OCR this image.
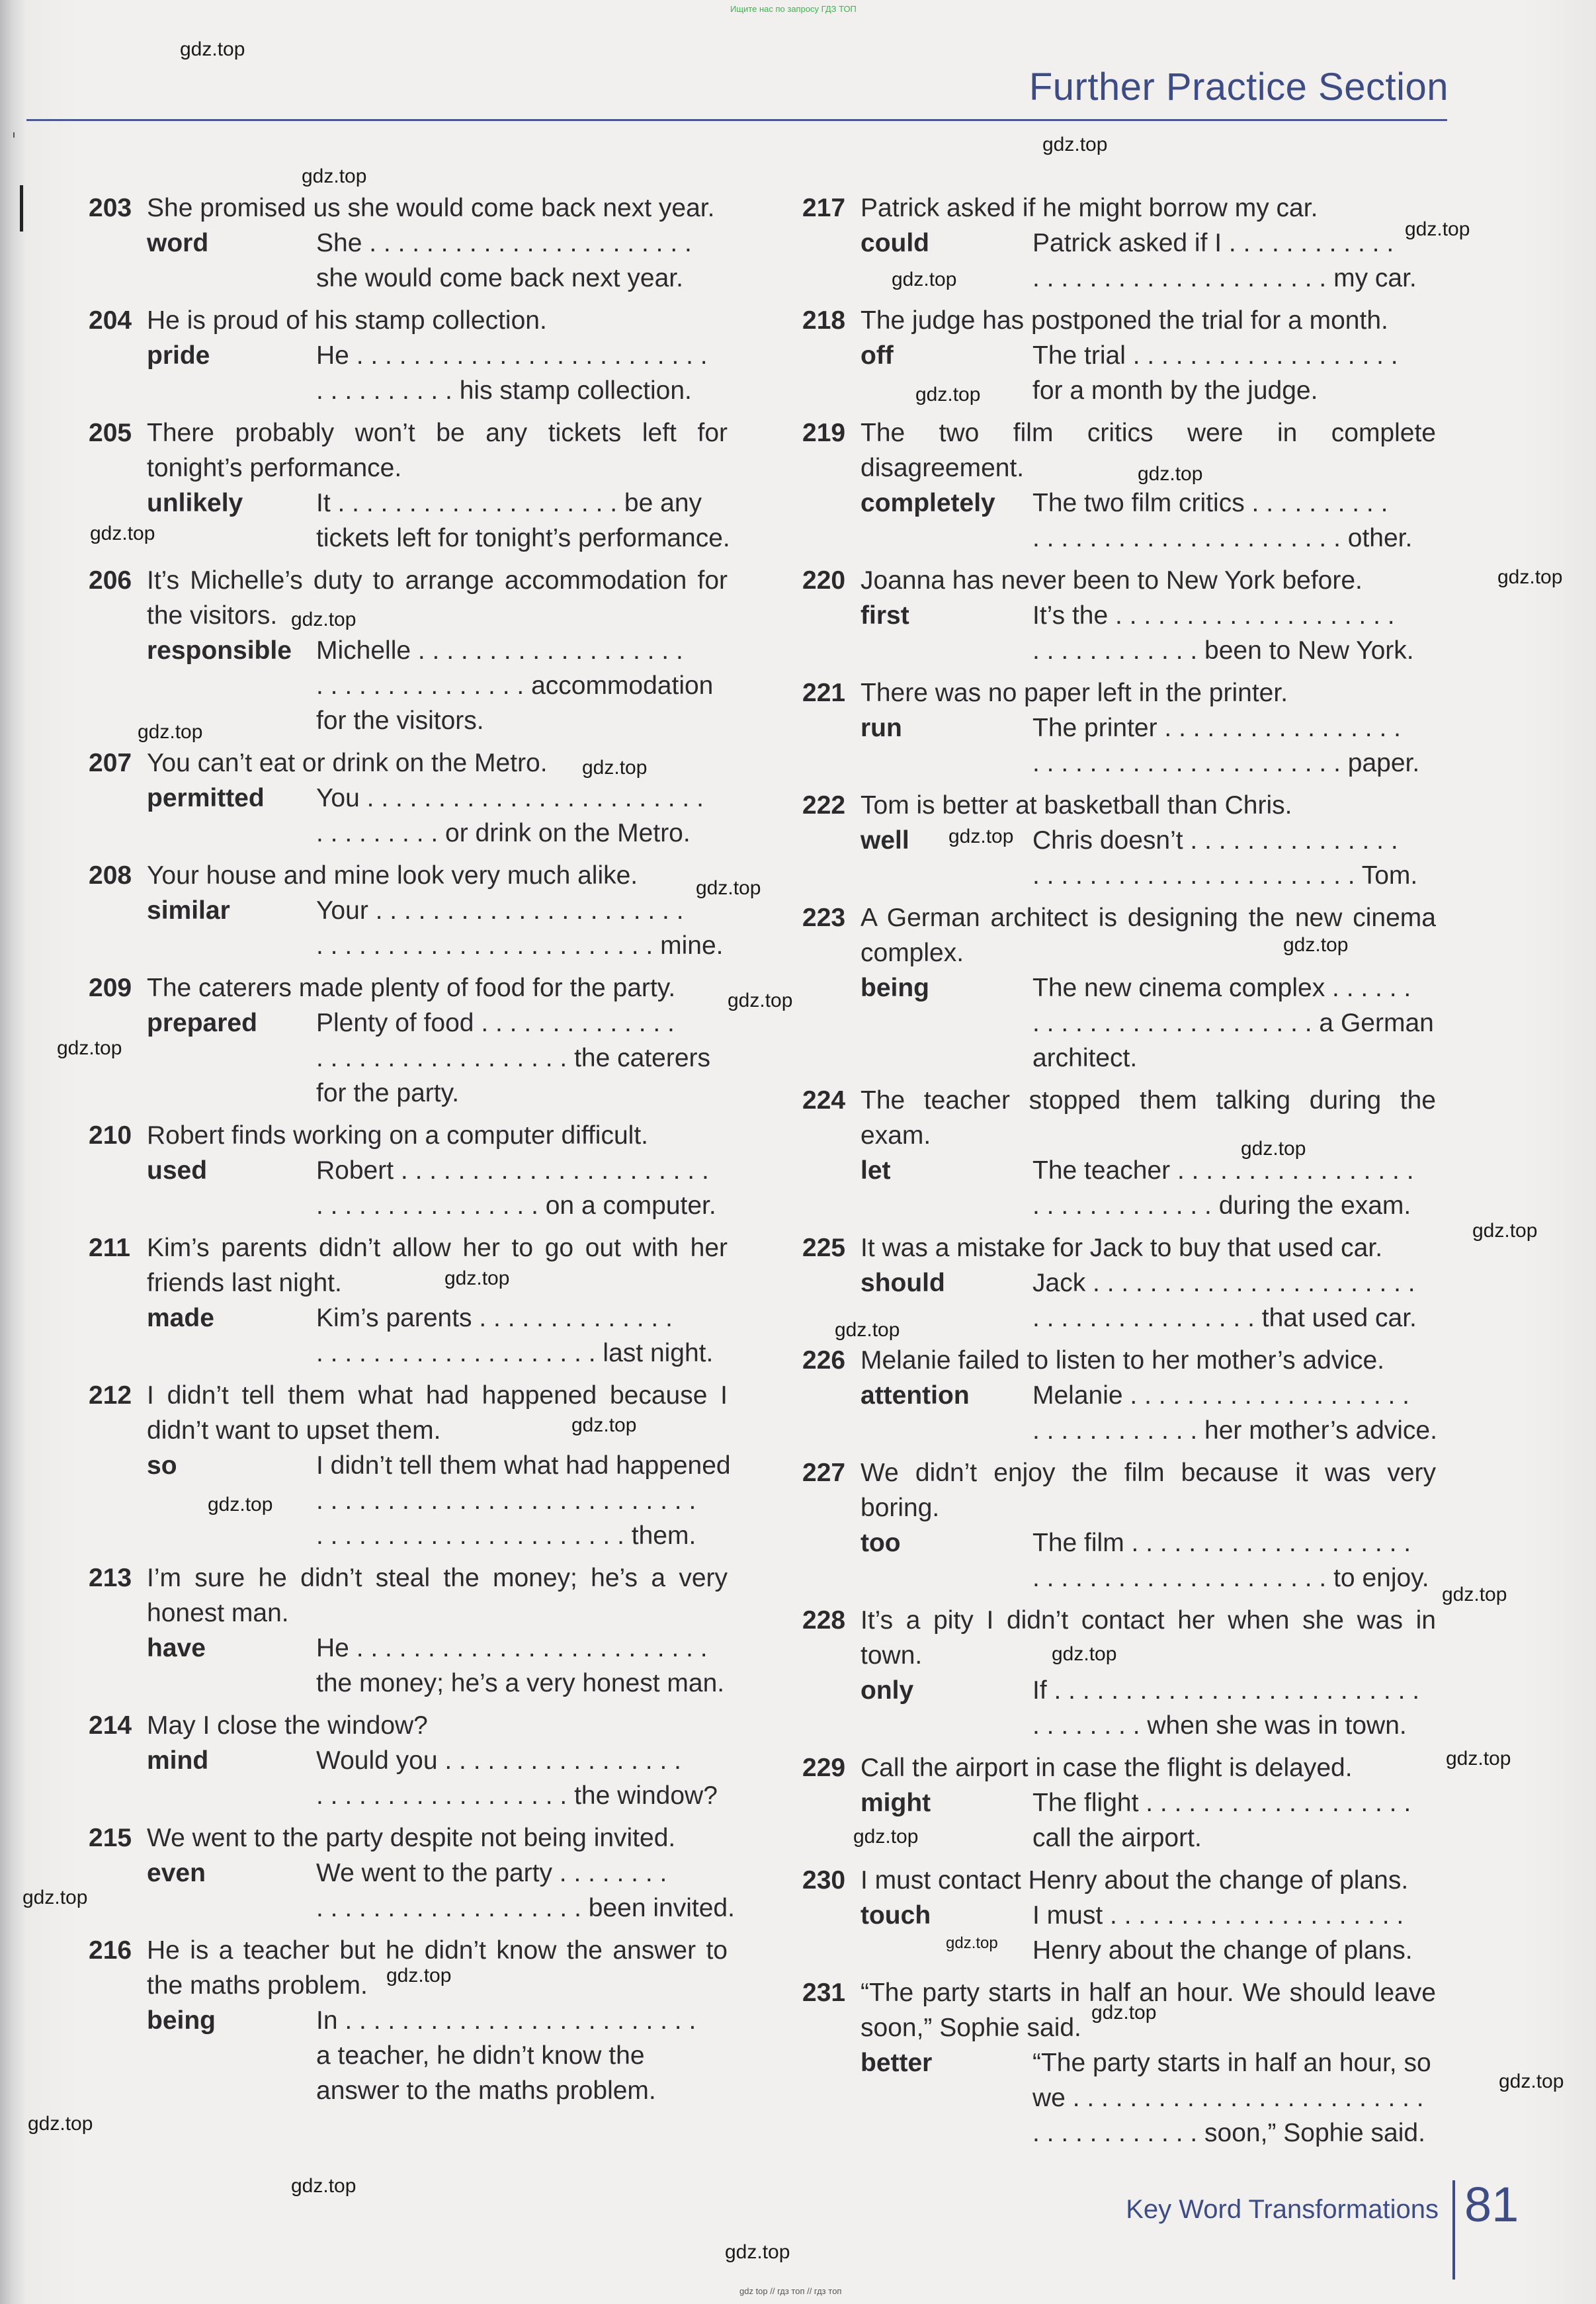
Ищите нас по запросу ГДЗ ТОП
Further Practice Section
203 She promised us she would come back next year.
word	She . . . . . . . . . . . . . . . . . . . . . . .
she would come back next year.
204 He is proud of his stamp collection.
pride	He . . . . . . . . . . . . . . . . . . . . . . . . .
. . . . . . . . . . his stamp collection.
205 There probably won’t be any tickets left for tonight’s performance.
unlikely	It . . . . . . . . . . . . . . . . . . . . be any
tickets left for tonight’s performance.
206 It’s Michelle’s duty to arrange accommodation for the visitors.
responsible Michelle . . . . . . . . . . . . . . . . . . .
. . . . . . . . . . . . . . . accommodation
for the visitors.
207 You can’t eat or drink on the Metro.
permitted	You . . . . . . . . . . . . . . . . . . . . . . . .
. . . . . . . . . or drink on the Metro.
208 Your house and mine look very much alike.
similar	Your . . . . . . . . . . . . . . . . . . . . . .
. . . . . . . . . . . . . . . . . . . . . . . . mine.
209 The caterers made plenty of food for the party.
prepared	Plenty of food . . . . . . . . . . . . . .
. . . . . . . . . . . . . . . . . . the caterers
for the party.
210 Robert finds working on a computer difficult.
used	Robert . . . . . . . . . . . . . . . . . . . . . .
. . . . . . . . . . . . . . . . on a computer.
211 Kim’s parents didn’t allow her to go out with her friends last night.
made	Kim’s parents . . . . . . . . . . . . . .
. . . . . . . . . . . . . . . . . . . . last night.
212 I didn’t tell them what had happened because I didn’t want to upset them.
so	I didn’t tell them what had happened
. . . . . . . . . . . . . . . . . . . . . . . . . . .
. . . . . . . . . . . . . . . . . . . . . . them.
213 I’m sure he didn’t steal the money; he’s a very honest man.
have	He . . . . . . . . . . . . . . . . . . . . . . . . .
the money; he’s a very honest man.
214 May I close the window?
mind	Would you . . . . . . . . . . . . . . . . .
. . . . . . . . . . . . . . . . . . the window?
215 We went to the party despite not being invited.
even	We went to the party . . . . . . . .
. . . . . . . . . . . . . . . . . . . been invited.
216 He is a teacher but he didn’t know the answer to the maths problem.
being	In . . . . . . . . . . . . . . . . . . . . . . . . .
a teacher, he didn’t know the
answer to the maths problem.
217 Patrick asked if he might borrow my car.
could	Patrick asked if I . . . . . . . . . . . .
. . . . . . . . . . . . . . . . . . . . . my car.
218 The judge has postponed the trial for a month.
off	The trial . . . . . . . . . . . . . . . . . . .
for a month by the judge.
219 The two film critics were in complete disagreement.
completely	The two film critics . . . . . . . . . .
. . . . . . . . . . . . . . . . . . . . . . other.
220 Joanna has never been to New York before.
first	It’s the . . . . . . . . . . . . . . . . . . . .
. . . . . . . . . . . . been to New York.
221 There was no paper left in the printer.
run	The printer . . . . . . . . . . . . . . . . .
. . . . . . . . . . . . . . . . . . . . . . paper.
222 Tom is better at basketball than Chris.
well	Chris doesn’t . . . . . . . . . . . . . . .
. . . . . . . . . . . . . . . . . . . . . . . Tom.
223 A German architect is designing the new cinema complex.
being	The new cinema complex . . . . . .
. . . . . . . . . . . . . . . . . . . . a German
architect.
224 The teacher stopped them talking during the exam.
let	The teacher . . . . . . . . . . . . . . . . .
. . . . . . . . . . . . . during the exam.
225 It was a mistake for Jack to buy that used car.
should	Jack . . . . . . . . . . . . . . . . . . . . . . .
. . . . . . . . . . . . . . . . that used car.
226 Melanie failed to listen to her mother’s advice.
attention	Melanie . . . . . . . . . . . . . . . . . . . .
. . . . . . . . . . . . her mother’s advice.
227 We didn’t enjoy the film because it was very boring.
too	The film . . . . . . . . . . . . . . . . . . . .
. . . . . . . . . . . . . . . . . . . . . to enjoy.
228 It’s a pity I didn’t contact her when she was in town.
only	If . . . . . . . . . . . . . . . . . . . . . . . . . .
. . . . . . . . when she was in town.
229 Call the airport in case the flight is delayed.
might	The flight . . . . . . . . . . . . . . . . . . .
call the airport.
230 I must contact Henry about the change of plans.
touch	I must . . . . . . . . . . . . . . . . . . . . .
Henry about the change of plans.
231 “The party starts in half an hour. We should leave soon,” Sophie said.
better	“The party starts in half an hour, so
we . . . . . . . . . . . . . . . . . . . . . . . . .
. . . . . . . . . . . . soon,” Sophie said.
Key Word Transformations 81
gdz top // гдз топ // гдз тoп
gdz.top
gdz.top
gdz.top
gdz.top
gdz.top
gdz.top
gdz.top
gdz.top
gdz.top
gdz.top
gdz.top
gdz.top
gdz.top
gdz.top
gdz.top
gdz.top
gdz.top
gdz.top
gdz.top
gdz.top
gdz.top
gdz.top
gdz.top
gdz.top
gdz.top
gdz.top
gdz.top
gdz.top
gdz.top
gdz.top
gdz.top
gdz.top
gdz.top
gdz.top
gdz.top
